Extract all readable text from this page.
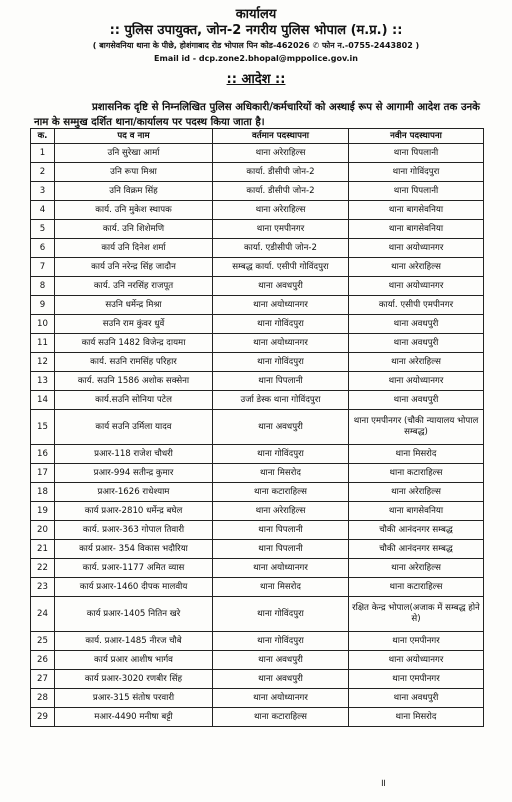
कार्यालय
:: पुलिस उपायुक्त, जोन-2 नगरीय पुलिस भोपाल (म.प्र.) ::
( बागसेवनिया थाना के पीछे, होशंगाबाद रोड भोपाल पिन कोड-462026 ✆ फोन न.-0755-2443802 )
Email id - dcp.zone2.bhopal@mppolice.gov.in
:: आदेश ::

प्रशासनिक दृष्टि से निम्नलिखित पुलिस अधिकारी/कर्मचारियों को अस्थाई रूप से आगामी आदेश तक उनके नाम के सम्मुख दर्शित थाना/कार्यालय पर पदस्थ किया जाता है।

क.	पद व नाम	वर्तमान पदस्थापना	नवीन पदस्थापना
1	उनि सुरेखा आर्मा	थाना अरेराहिल्स	थाना पिपलानी
2	उनि रूपा मिश्रा	कार्या. डीसीपी जोन-2	थाना गोविंदपुरा
3	उनि विक्रम सिंह	कार्या. डीसीपी जोन-2	थाना पिपलानी
4	कार्य. उनि मुकेश स्थापक	थाना अरेराहिल्स	थाना बागसेवनिया
5	कार्य. उनि शिशेमणि	थाना एमपीनगर	थाना बागसेवनिया
6	कार्य उनि दिनेश शर्मा	कार्या. एडीसीपी जोन-2	थाना अयोध्यानगर
7	कार्य उनि नरेन्द्र सिंह जादौन	सम्बद्ध कार्या. एसीपी गोविंदपुरा	थाना अरेराहिल्स
8	कार्य. उनि नरसिंह राजपूत	थाना अवधपुरी	थाना अयोध्यानगर
9	सउनि धर्मेन्द्र मिश्रा	थाना अयोध्यानगर	कार्या. एसीपी एमपीनगर
10	सउनि राम कुंवर धुर्वे	थाना गोविंदपुरा	थाना अवधपुरी
11	कार्य सउनि 1482 विजेन्द्र दायमा	थाना अयोध्यानगर	थाना अवधपुरी
12	कार्य. सउनि रामसिंह परिहार	थाना गोविंदपुरा	थाना अरेराहिल्स
13	कार्य. सउनि 1586 अशोक सक्सेना	थाना पिपलानी	थाना अयोध्यानगर
14	कार्य.सउनि सोनिया पटेल	उर्जा डेस्क थाना गोविंदपुरा	थाना अवधपुरी
15	कार्य सउनि उर्मिला यादव	थाना अवधपुरी	थाना एमपीनगर (चौकी न्यायालय भोपाल सम्बद्ध)
16	प्रआर-118 राजेश चौधरी	थाना गोविंदपुरा	थाना मिसरोद
17	प्रआर-994 सतीन्द्र कुमार	थाना मिसरोद	थाना कटाराहिल्स
18	प्रआर-1626 राधेश्याम	थाना कटाराहिल्स	थाना अरेराहिल्स
19	कार्य प्रआर-2810 धर्मेन्द्र बघेल	थाना अरेराहिल्स	थाना बागसेवनिया
20	कार्य. प्रआर-363 गोपाल तिवारी	थाना पिपलानी	चौकी आनंदनगर सम्बद्ध
21	कार्य प्रआर- 354 विकास भदौरिया	थाना पिपलानी	चौकी आनंदनगर सम्बद्ध
22	कार्य. प्रआर-1177 अमित व्यास	थाना अयोध्यानगर	थाना अरेराहिल्स
23	कार्य प्रआर-1460 दीपक मालवीय	थाना मिसरोद	थाना कटाराहिल्स
24	कार्य प्रआर-1405 नितिन खरे	थाना गोविंदपुरा	रक्षित केन्द्र भोपाल(अजाक में सम्बद्ध होने से)
25	कार्य. प्रआर-1485 नीरज चौबे	थाना गोविंदपुरा	थाना एमपीनगर
26	कार्य प्रआर आशीष भार्गव	थाना अवधपुरी	थाना अयोध्यानगर
27	कार्य प्रआर-3020 रणबीर सिंह	थाना अवधपुरी	थाना एमपीनगर
28	प्रआर-315 संतोष परवारी	थाना अयोध्यानगर	थाना अवधपुरी
29	मआर-4490 मनीषा बट्टी	थाना कटाराहिल्स	थाना मिसरोद
॥
